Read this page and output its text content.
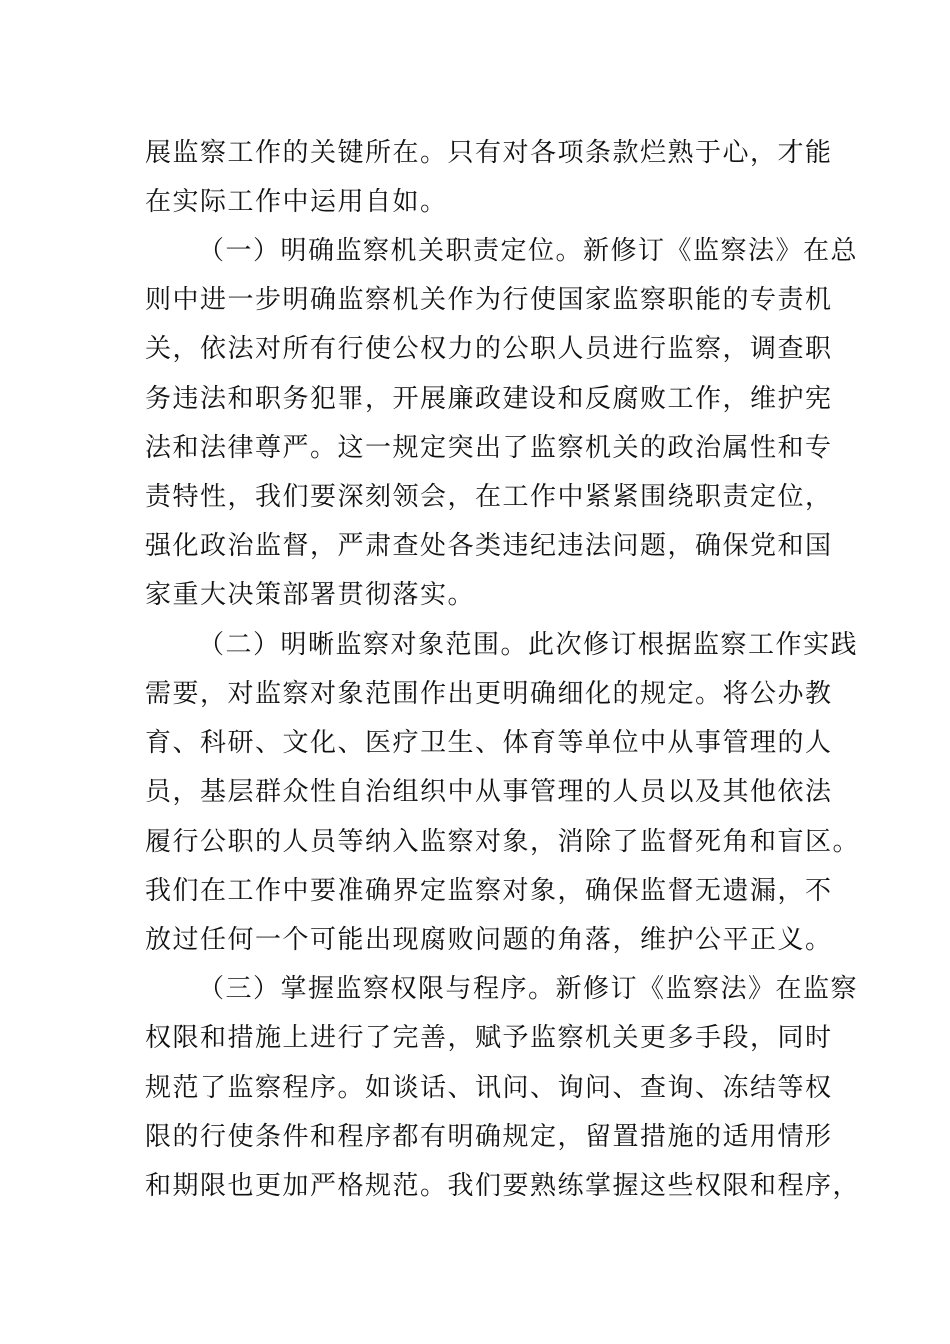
展监察工作的关键所在。只有对各项条款烂熟于心，才能
在实际工作中运用自如。
（一）明确监察机关职责定位。新修订《监察法》在总
则中进一步明确监察机关作为行使国家监察职能的专责机
关，依法对所有行使公权力的公职人员进行监察，调查职
务违法和职务犯罪，开展廉政建设和反腐败工作，维护宪
法和法律尊严。这一规定突出了监察机关的政治属性和专
责特性，我们要深刻领会，在工作中紧紧围绕职责定位，
强化政治监督，严肃查处各类违纪违法问题，确保党和国
家重大决策部署贯彻落实。
（二）明晰监察对象范围。此次修订根据监察工作实践
需要，对监察对象范围作出更明确细化的规定。将公办教
育、科研、文化、医疗卫生、体育等单位中从事管理的人
员，基层群众性自治组织中从事管理的人员以及其他依法
履行公职的人员等纳入监察对象，消除了监督死角和盲区。
我们在工作中要准确界定监察对象，确保监督无遗漏，不
放过任何一个可能出现腐败问题的角落，维护公平正义。
（三）掌握监察权限与程序。新修订《监察法》在监察
权限和措施上进行了完善，赋予监察机关更多手段，同时
规范了监察程序。如谈话、讯问、询问、查询、冻结等权
限的行使条件和程序都有明确规定，留置措施的适用情形
和期限也更加严格规范。我们要熟练掌握这些权限和程序，
